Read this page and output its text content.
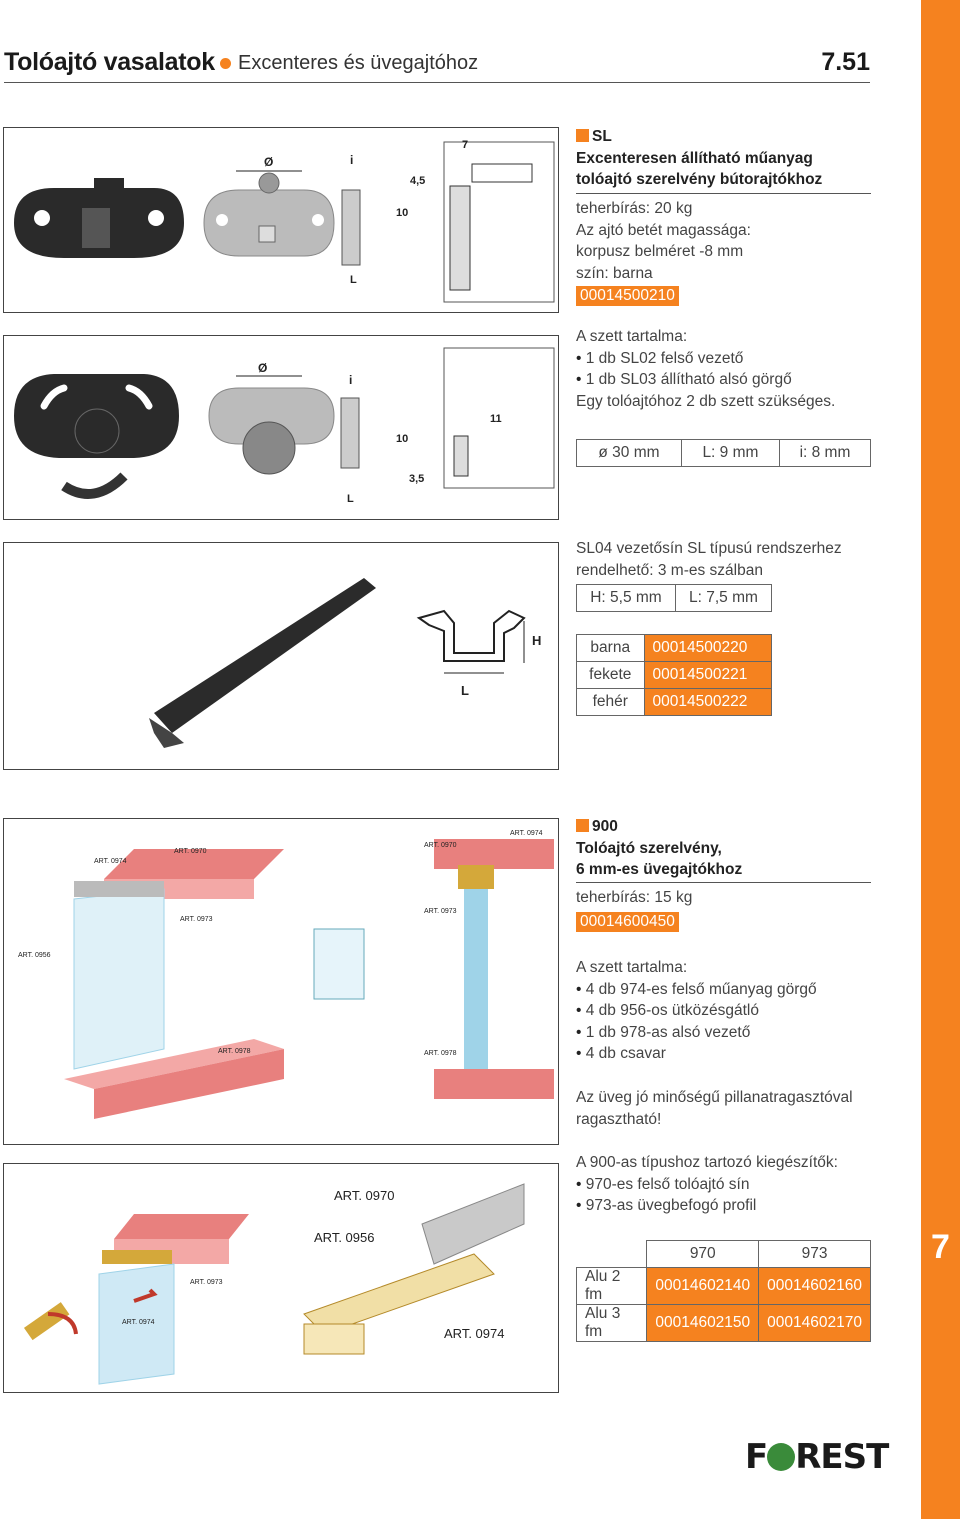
7
Tolóajtó vasalatok Excenteres és üvegajtóhoz	7.51
Ø	i
10
L
7
4,5
Ø
i
10
3,5
11
L
SL
Excenteresen állítható műanyag
tolóajtó szerelvény bútorajtókhoz
teherbírás: 20 kg
Az ajtó betét magassága:
korpusz belméret -8 mm
szín: barna
00014500210
A szett tartalma:
• 1 db SL02 felső vezető
• 1 db SL03 állítható alsó görgő
Egy tolóajtóhoz 2 db szett szükséges.
ø 30 mm	L: 9 mm	i: 8 mm
H
L
SL04 vezetősín SL típusú rendszerhez
rendelhető: 3 m-es szálban
H: 5,5 mm	L: 7,5 mm
barna	00014500220
fekete	00014500221
fehér	00014500222
ART. 0974
ART. 0970
ART. 0956
ART. 0973
ART. 0978
ART. 0970
ART. 0974
ART. 0973
ART. 0978
ART. 0970
ART. 0956
ART. 0974
ART. 0974
ART. 0973
900
Tolóajtó szerelvény,
6 mm-es üvegajtókhoz
teherbírás: 15 kg
00014600450
A szett tartalma:
• 4 db 974-es felső műanyag görgő
• 4 db 956-os ütközésgátló
• 1 db 978-as alsó vezető
• 4 db csavar
Az üveg jó minőségű pillanatragasztóval
ragasztható!
A 900-as típushoz tartozó kiegészítők:
• 970-es felső tolóajtó sín
• 973-as üvegbefogó profil
	970	973
Alu 2 fm	00014602140	00014602160
Alu 3 fm	00014602150	00014602170
F REST
